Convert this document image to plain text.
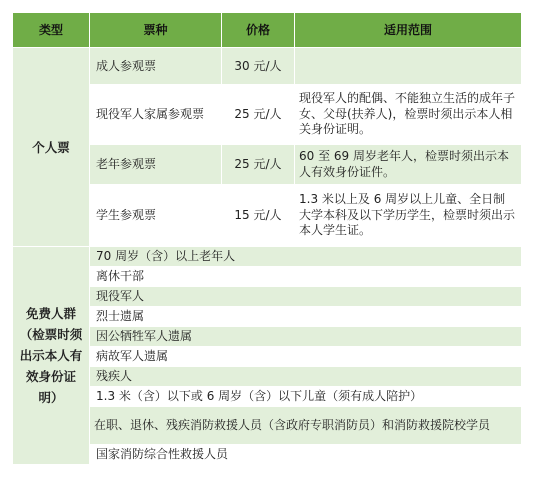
类型	票种	价格	适用范围
个人票	成人参观票	30 元/人	
	现役军人家属参观票	25 元/人	现役军人的配偶、不能独立生活的成年子女、父母(扶养人)，检票时须出示本人相关身份证明。
	老年参观票	25 元/人	60 至 69 周岁老年人，检票时须出示本人有效身份证件。
	学生参观票	15 元/人	1.3 米以上及 6 周岁以上儿童、全日制大学本科及以下学历学生，检票时须出示本人学生证。
免费人群（检票时须出示本人有效身份证明）	70 周岁（含）以上老年人		
	离休干部		
	现役军人		
	烈士遗属		
	因公牺牲军人遗属		
	病故军人遗属		
	残疾人		
	1.3 米（含）以下或 6 周岁（含）以下儿童（须有成人陪护）		
	在职、退休、残疾消防救援人员（含政府专职消防员）和消防救援院校学员		
	国家消防综合性救援人员		
